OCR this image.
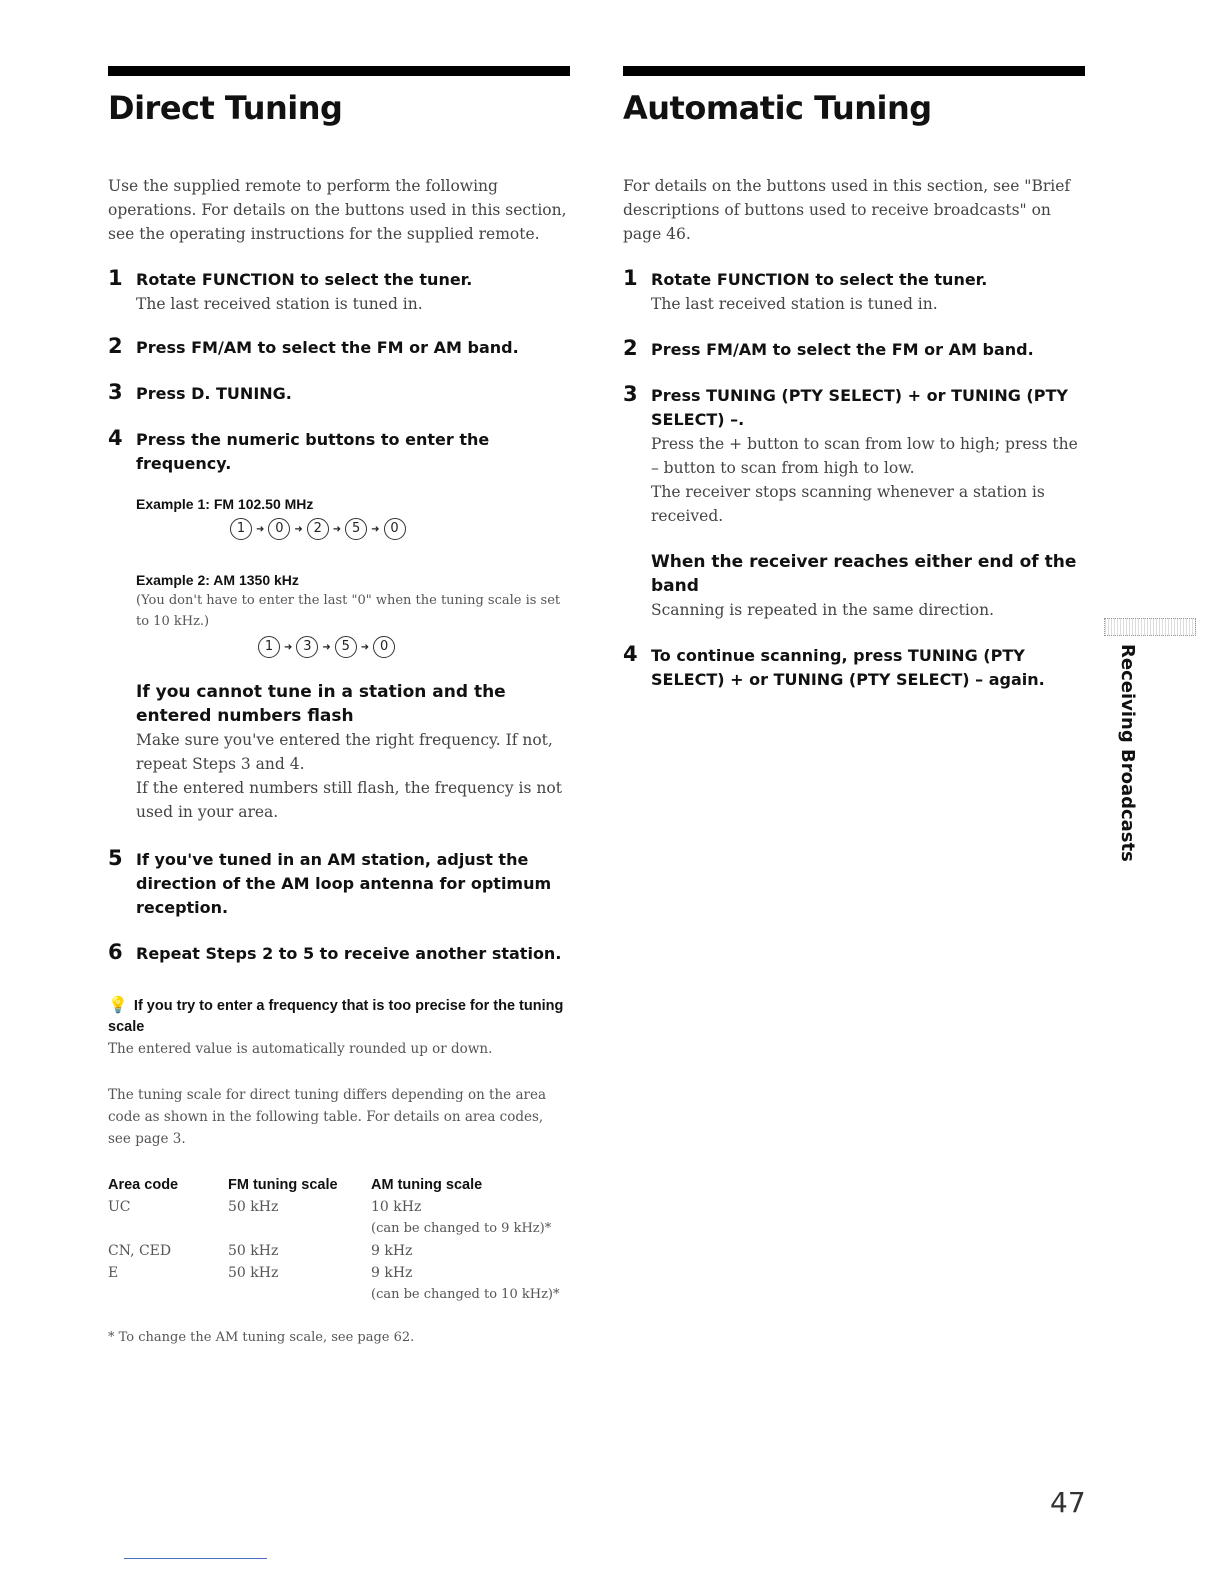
Direct Tuning

Use the supplied remote to perform the following operations. For details on the buttons used in this section, see the operating instructions for the supplied remote.

1 Rotate FUNCTION to select the tuner.
The last received station is tuned in.
2 Press FM/AM to select the FM or AM band.
3 Press D. TUNING.
4 Press the numeric buttons to enter the frequency.
Example 1: FM 102.50 MHz
1	➜ 0	➜ 2	➜ 5	➜ 0
Example 2: AM 1350 kHz
(You don't have to enter the last "0" when the tuning scale is set to 10 kHz.)
1	➜ 3	➜ 5	➜ 0
If you cannot tune in a station and the entered numbers flash
Make sure you've entered the right frequency. If not, repeat Steps 3 and 4.
If the entered numbers still flash, the frequency is not used in your area.
5 If you've tuned in an AM station, adjust the direction of the AM loop antenna for optimum reception.
6 Repeat Steps 2 to 5 to receive another station.
💡 If you try to enter a frequency that is too precise for the tuning scale
The entered value is automatically rounded up or down.
The tuning scale for direct tuning differs depending on the area code as shown in the following table. For details on area codes, see page 3.
Area code	FM tuning scale	AM tuning scale
UC	50 kHz	10 kHz
(can be changed to 9 kHz)*

CN, CED	50 kHz	9 kHz
E	50 kHz	9 kHz
(can be changed to 10 kHz)*
* To change the AM tuning scale, see page 62.
Automatic Tuning

For details on the buttons used in this section, see "Brief descriptions of buttons used to receive broadcasts" on page 46.

1 Rotate FUNCTION to select the tuner.
The last received station is tuned in.
2 Press FM/AM to select the FM or AM band.
3 Press TUNING (PTY SELECT) + or TUNING (PTY SELECT) –.
Press the + button to scan from low to high; press the – button to scan from high to low.
The receiver stops scanning whenever a station is received.
When the receiver reaches either end of the band
Scanning is repeated in the same direction.
4 To continue scanning, press TUNING (PTY SELECT) + or TUNING (PTY SELECT) – again.	Receiving Broadcasts
47
